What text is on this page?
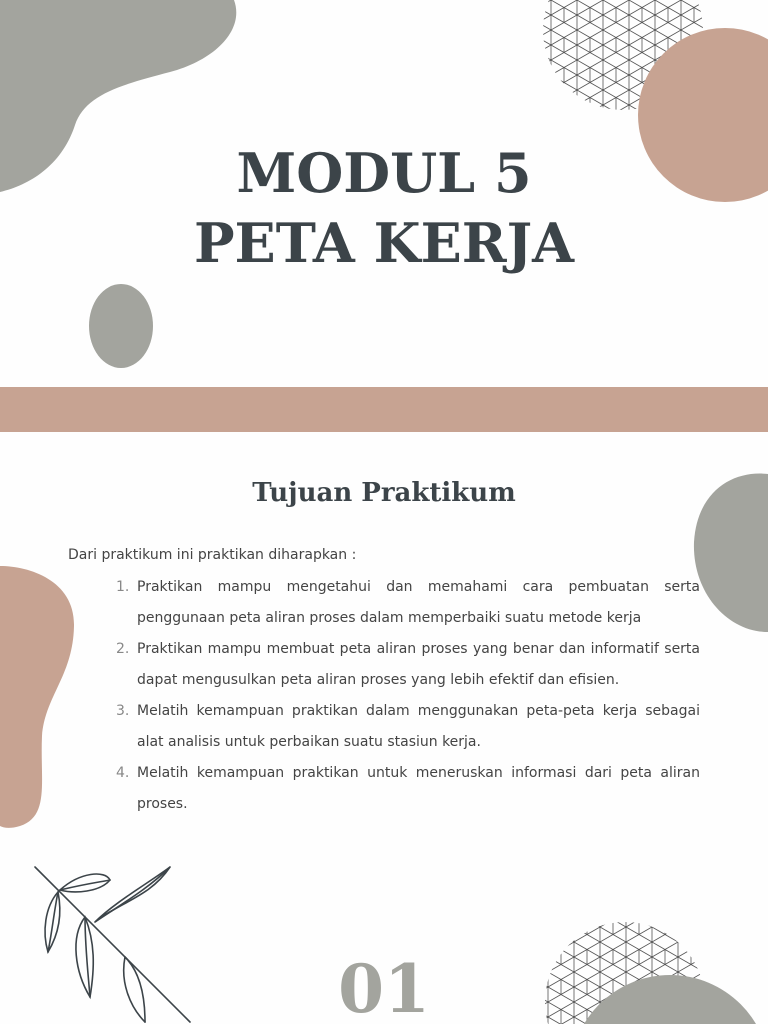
MODUL 5
PETA KERJA
Tujuan Praktikum
Dari praktikum ini praktikan diharapkan :
1. Praktikan mampu mengetahui dan memahami cara pembuatan serta penggunaan peta aliran proses dalam memperbaiki suatu metode kerja
2. Praktikan mampu membuat peta aliran proses yang benar dan informatif serta dapat mengusulkan peta aliran proses yang lebih efektif dan efisien.
3. Melatih kemampuan praktikan dalam menggunakan peta-peta kerja sebagai alat analisis untuk perbaikan suatu stasiun kerja.
4. Melatih kemampuan praktikan untuk meneruskan informasi dari peta aliran proses.
01
